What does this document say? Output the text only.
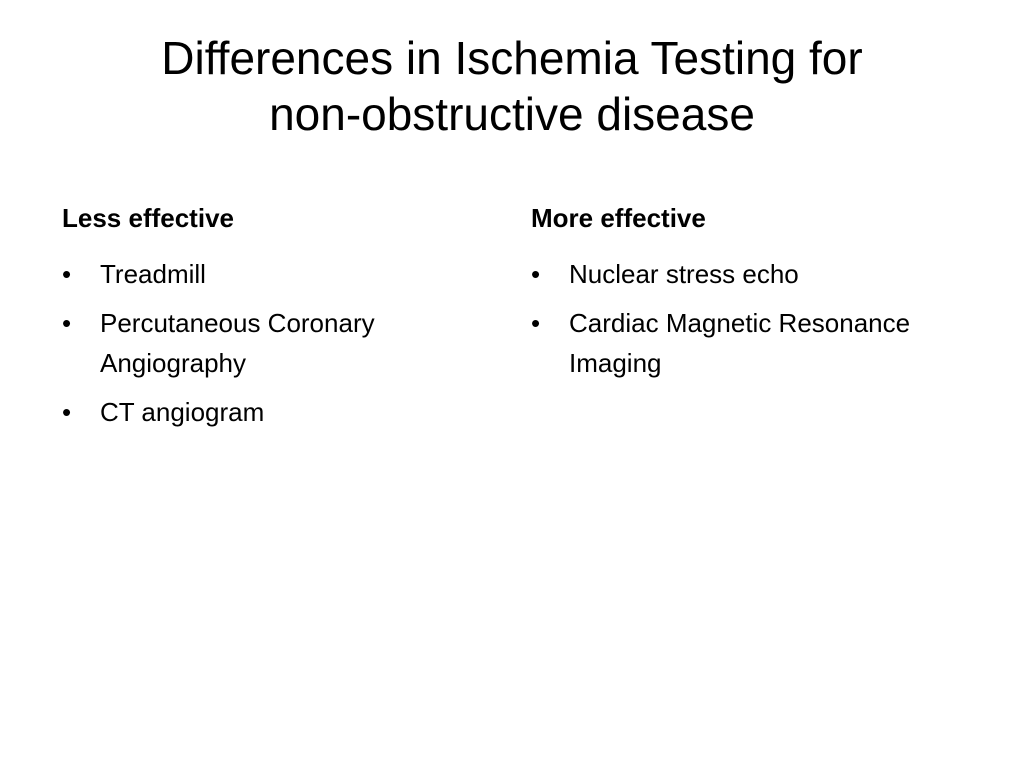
Differences in Ischemia Testing for
non-obstructive disease
Less effective
•	Treadmill
•	Percutaneous Coronary Angiography
•	CT angiogram
More effective
•	Nuclear stress echo
•	Cardiac Magnetic Resonance Imaging
